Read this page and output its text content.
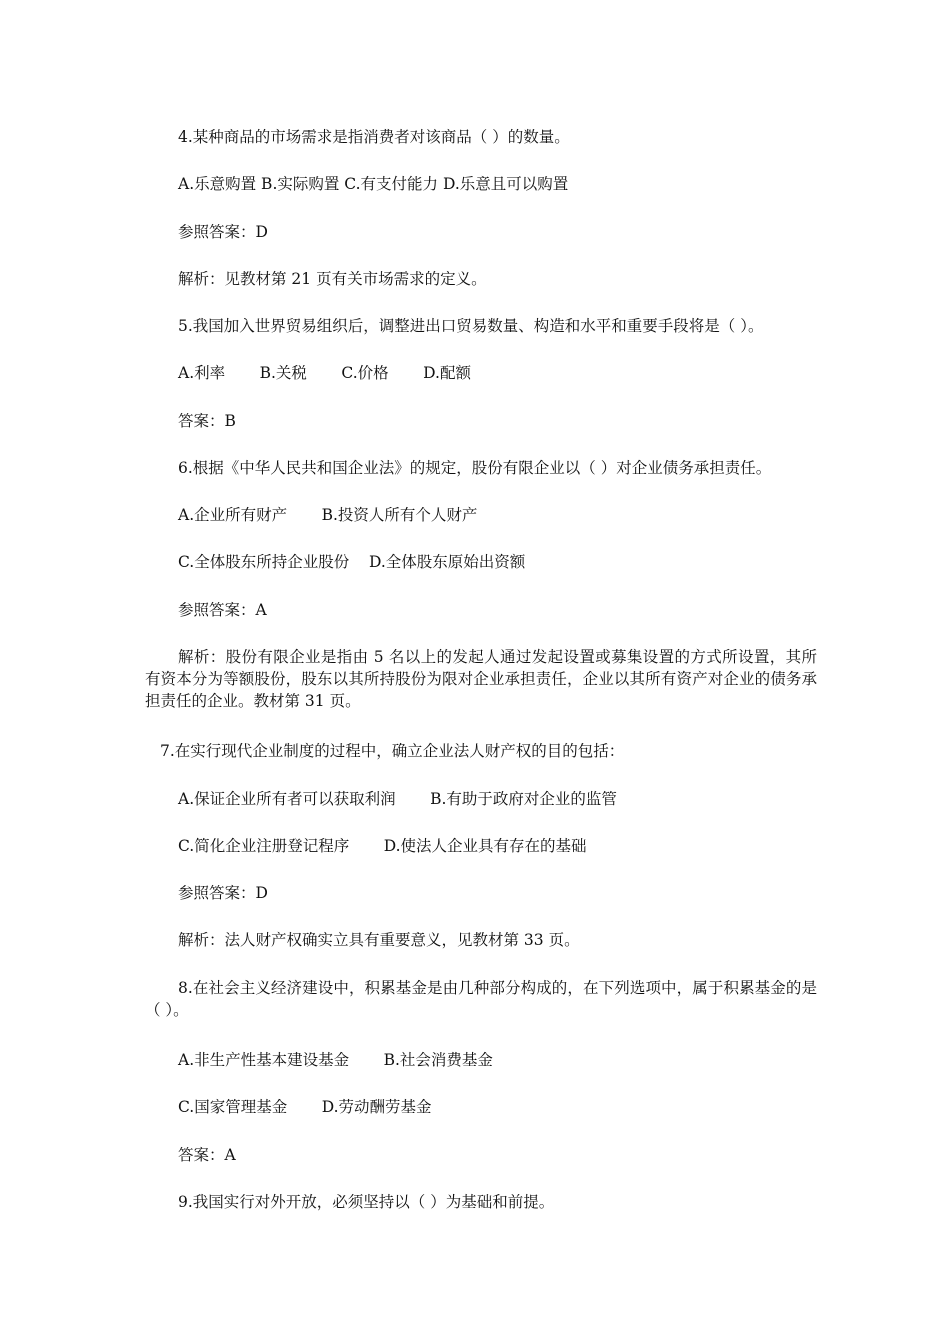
4.某种商品的市场需求是指消费者对该商品（ ）的数量。
A.乐意购置 B.实际购置 C.有支付能力 D.乐意且可以购置
参照答案：D
解析：见教材第 21 页有关市场需求的定义。
5.我国加入世界贸易组织后，调整进出口贸易数量、构造和水平和重要手段将是（ ）。
A.利率       B.关税       C.价格       D.配额
答案：B
6.根据《中华人民共和国企业法》的规定，股份有限企业以（ ）对企业债务承担责任。
A.企业所有财产       B.投资人所有个人财产
C.全体股东所持企业股份    D.全体股东原始出资额
参照答案：A
解析：股份有限企业是指由 5 名以上的发起人通过发起设置或募集设置的方式所设置，其所有资本分为等额股份，股东以其所持股份为限对企业承担责任，企业以其所有资产对企业的债务承担责任的企业。教材第 31 页。
7.在实行现代企业制度的过程中，确立企业法人财产权的目的包括：
A.保证企业所有者可以获取利润       B.有助于政府对企业的监管
C.简化企业注册登记程序       D.使法人企业具有存在的基础
参照答案：D
解析：法人财产权确实立具有重要意义，见教材第 33 页。
8.在社会主义经济建设中，积累基金是由几种部分构成的，在下列选项中，属于积累基金的是（ ）。
A.非生产性基本建设基金       B.社会消费基金
C.国家管理基金       D.劳动酬劳基金
答案：A
9.我国实行对外开放，必须坚持以（ ）为基础和前提。
